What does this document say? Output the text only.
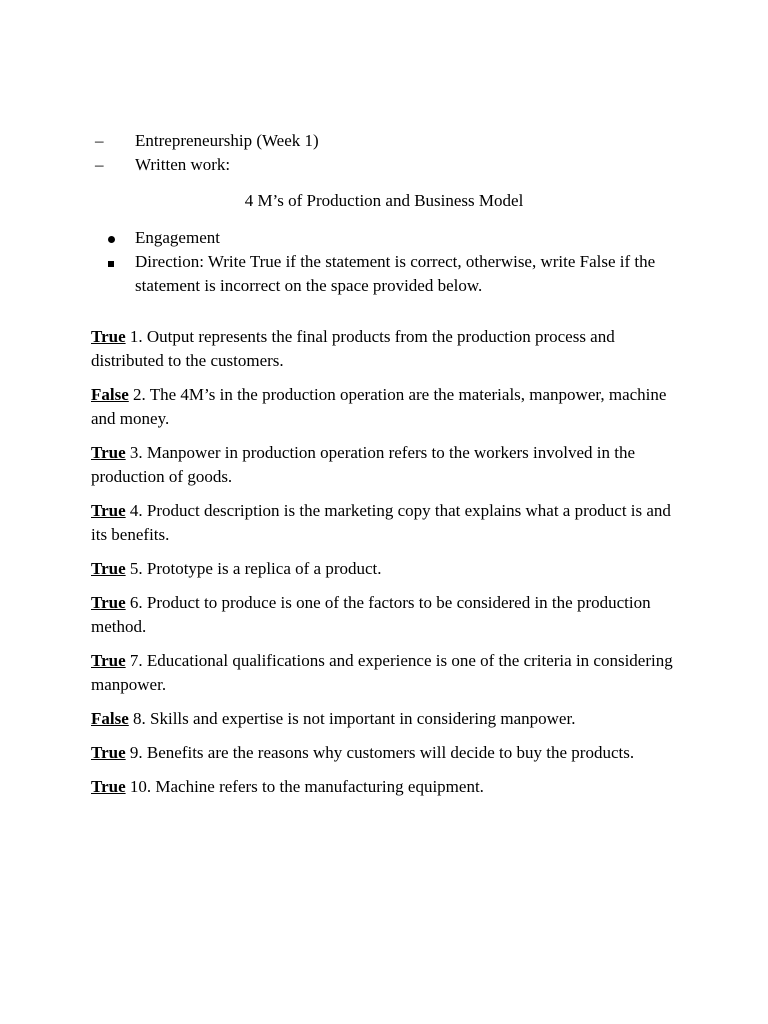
– Entrepreneurship (Week 1)
– Written work:
4 M’s of Production and Business Model
Engagement
Direction: Write True if the statement is correct, otherwise, write False if the statement is incorrect on the space provided below.

True 1. Output represents the final products from the production process and distributed to the customers.

False 2. The 4M’s in the production operation are the materials, manpower, machine and money.

True 3. Manpower in production operation refers to the workers involved in the production of goods.

True 4. Product description is the marketing copy that explains what a product is and its benefits.

True 5. Prototype is a replica of a product.

True 6. Product to produce is one of the factors to be considered in the production method.

True 7. Educational qualifications and experience is one of the criteria in considering manpower.

False 8. Skills and expertise is not important in considering manpower.

True 9. Benefits are the reasons why customers will decide to buy the products.

True 10. Machine refers to the manufacturing equipment.
